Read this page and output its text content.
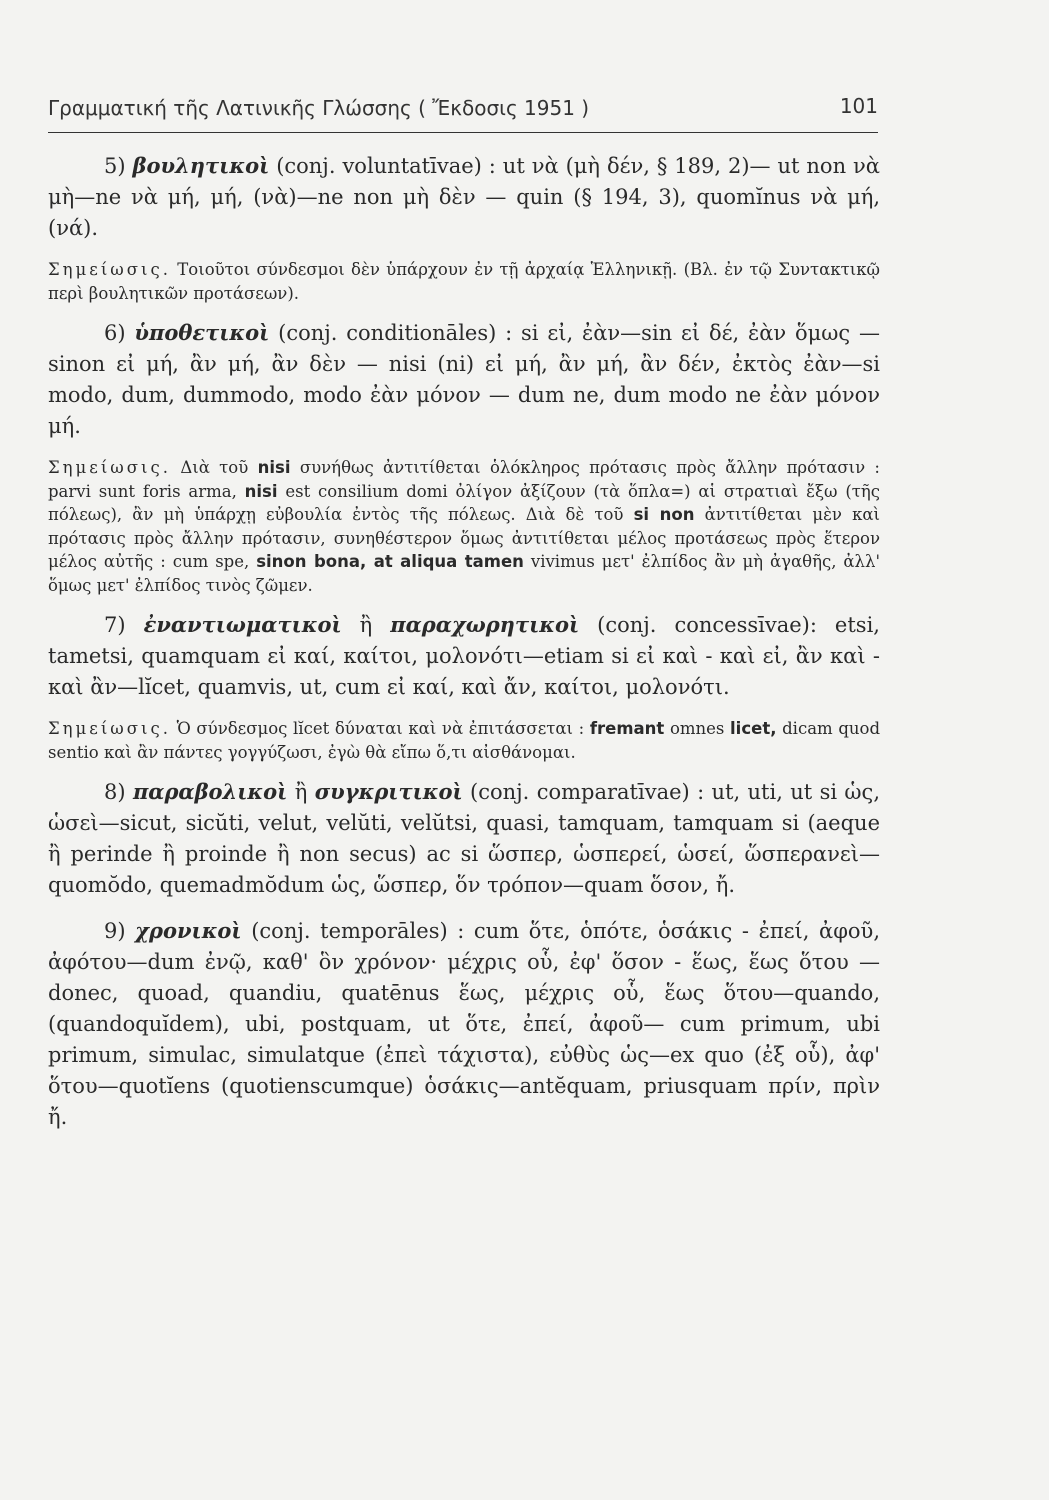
Γραμματική τῆς Λατινικῆς Γλώσσης ( Ἔκδοσις 1951 )	101

5) βουλητικοὶ (conj. voluntatīvae) : ut νὰ (μὴ δέν, § 189, 2)— ut non νὰ μὴ—ne νὰ μή, μή, (νὰ)—ne non μὴ δὲν — quin (§ 194, 3), quomĭnus νὰ μή, (νά).

Σημείωσις. Τοιοῦτοι σύνδεσμοι δὲν ὑπάρχουν ἐν τῇ ἀρχαίᾳ Ἑλληνικῇ. (Βλ. ἐν τῷ Συντακτικῷ περὶ βουλητικῶν προτάσεων).

6) ὑποθετικοὶ (conj. conditionāles) : si εἰ, ἐὰν—sin εἰ δέ, ἐὰν ὅμως — sinon εἰ μή, ἂν μή, ἂν δὲν — nisi (ni) εἰ μή, ἂν μή, ἂν δέν, ἐκτὸς ἐὰν—si modo, dum, dummodo, modo ἐὰν μόνον — dum ne, dum modo ne ἐὰν μόνον μή.

Σημείωσις. Διὰ τοῦ nisi συνήθως ἀντιτίθεται ὁλόκληρος πρότασις πρὸς ἄλλην πρότασιν : parvi sunt foris arma, nisi est consilium domi ὀλίγον ἀξίζουν (τὰ ὅπλα=) αἱ στρατιαὶ ἔξω (τῆς πόλεως), ἂν μὴ ὑπάρχῃ εὐβουλία ἐντὸς τῆς πόλεως. Διὰ δὲ τοῦ si non ἀντιτίθεται μὲν καὶ πρότασις πρὸς ἄλλην πρότασιν, συνηθέστερον ὅμως ἀντιτίθεται μέλος προτάσεως πρὸς ἕτερον μέλος αὐτῆς : cum spe, sinon bona, at aliqua tamen vivimus μετ' ἐλπίδος ἂν μὴ ἀγαθῆς, ἀλλ' ὅμως μετ' ἐλπίδος τινὸς ζῶμεν.

7) ἐναντιωματικοὶ ἢ παραχωρητικοὶ (conj. concessīvae): etsi, tametsi, quamquam εἰ καί, καίτοι, μολονότι—etiam si εἰ καὶ - καὶ εἰ, ἂν καὶ - καὶ ἂν—lĭcet, quamvis, ut, cum εἰ καί, καὶ ἄν, καίτοι, μολονότι.

Σημείωσις. Ὁ σύνδεσμος lĭcet δύναται καὶ νὰ ἐπιτάσσεται : fremant omnes licet, dicam quod sentio καὶ ἂν πάντες γογγύζωσι, ἐγὼ θὰ εἴπω ὅ,τι αἰσθάνομαι.

8) παραβολικοὶ ἢ συγκριτικοὶ (conj. comparatīvae) : ut, uti, ut si ὡς, ὡσεὶ—sicut, sicŭti, velut, velŭti, velŭtsi, quasi, tamquam, tamquam si (aeque ἢ perinde ἢ proinde ἢ non secus) ac si ὥσπερ, ὡσπερεί, ὡσεί, ὥσπερανεὶ—quomŏdo, quemadmŏdum ὡς, ὥσπερ, ὅν τρόπον—quam ὅσον, ἤ.

9) χρονικοὶ (conj. temporāles) : cum ὅτε, ὁπότε, ὁσάκις - ἐπεί, ἀφοῦ, ἀφότου—dum ἐνῷ, καθ' ὃν χρόνον· μέχρις οὗ, ἐφ' ὅσον - ἕως, ἕως ὅτου — donec, quoad, quandiu, quatēnus ἕως, μέχρις οὗ, ἕως ὅτου—quando, (quandoquĭdem), ubi, postquam, ut ὅτε, ἐπεί, ἀφοῦ— cum primum, ubi primum, simulac, simulatque (ἐπεὶ τάχιστα), εὐθὺς ὡς—ex quo (ἐξ οὗ), ἀφ' ὅτου—quotĭens (quotienscumque) ὁσάκις—antĕquam, priusquam πρίν, πρὶν ἤ.
